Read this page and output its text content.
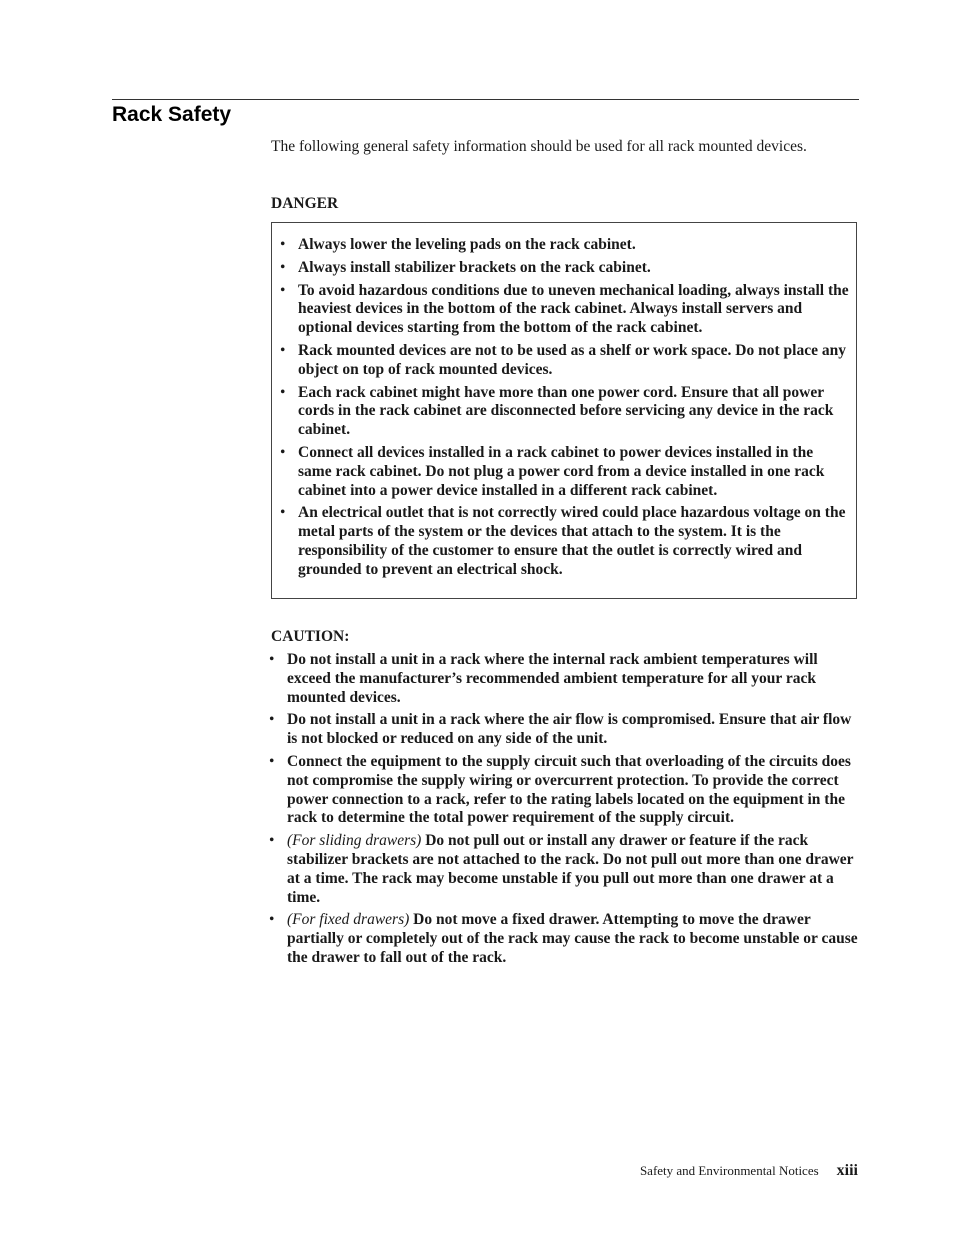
Rack Safety

The following general safety information should be used for all rack mounted devices.

DANGER

• Always lower the leveling pads on the rack cabinet.
• Always install stabilizer brackets on the rack cabinet.
• To avoid hazardous conditions due to uneven mechanical loading, always install the heaviest devices in the bottom of the rack cabinet. Always install servers and optional devices starting from the bottom of the rack cabinet.
• Rack mounted devices are not to be used as a shelf or work space. Do not place any object on top of rack mounted devices.
• Each rack cabinet might have more than one power cord. Ensure that all power cords in the rack cabinet are disconnected before servicing any device in the rack cabinet.
• Connect all devices installed in a rack cabinet to power devices installed in the same rack cabinet. Do not plug a power cord from a device installed in one rack cabinet into a power device installed in a different rack cabinet.
• An electrical outlet that is not correctly wired could place hazardous voltage on the metal parts of the system or the devices that attach to the system. It is the responsibility of the customer to ensure that the outlet is correctly wired and grounded to prevent an electrical shock.

CAUTION:

• Do not install a unit in a rack where the internal rack ambient temperatures will exceed the manufacturer’s recommended ambient temperature for all your rack mounted devices.
• Do not install a unit in a rack where the air flow is compromised. Ensure that air flow is not blocked or reduced on any side of the unit.
• Connect the equipment to the supply circuit such that overloading of the circuits does not compromise the supply wiring or overcurrent protection. To provide the correct power connection to a rack, refer to the rating labels located on the equipment in the rack to determine the total power requirement of the supply circuit.
• (For sliding drawers) Do not pull out or install any drawer or feature if the rack stabilizer brackets are not attached to the rack. Do not pull out more than one drawer at a time. The rack may become unstable if you pull out more than one drawer at a time.
• (For fixed drawers) Do not move a fixed drawer. Attempting to move the drawer partially or completely out of the rack may cause the rack to become unstable or cause the drawer to fall out of the rack.
Safety and Environmental Notices xiii
